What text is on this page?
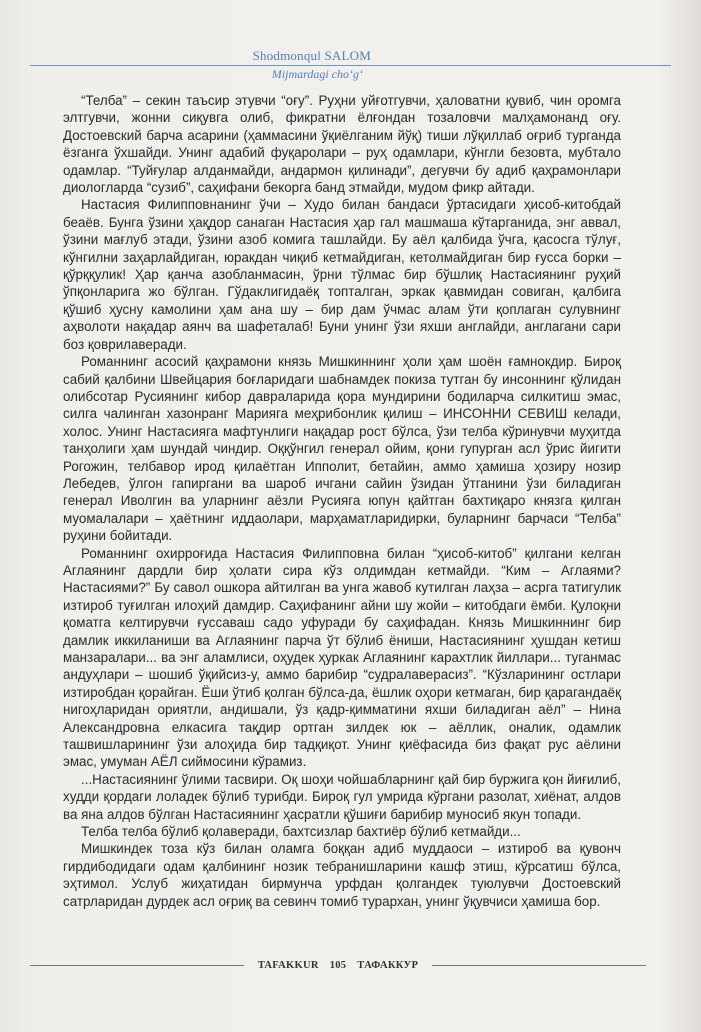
Shodmonqul SALOM
Mijmardagi cho‘g‘

“Телба” – секин таъсир этувчи “оғу”. Руҳни уйғотгувчи, ҳаловатни қувиб, чин оромга элтгувчи, жонни сиқувга олиб, фикратни ёлғондан тозаловчи малҳамонанд оғу. Достоевский барча асарини (ҳаммасини ўқиёлганим йўқ) тиши лўқиллаб оғриб турганда ёзганга ўхшайди. Унинг адабий фуқаролари – руҳ одамлари, кўнгли безовта, мубтало одамлар. “Туйғулар алданмайди, андармон қилинади”, дегувчи бу адиб қаҳрамонлари диологларда “сузиб”, саҳифани бекорга банд этмайди, мудом фикр айтади.

Настасия Филипповнанинг ўчи – Худо билан бандаси ўртасидаги ҳисоб-китобдай беаёв. Бунга ўзини ҳақдор санаган Настасия ҳар гал машмаша кўтарганида, энг аввал, ўзини мағлуб этади, ўзини азоб комига ташлайди. Бу аёл қалбида ўчга, қасосга тўлуғ, кўнгилни заҳарлайдиган, юракдан чиқиб кетмайдиган, кетолмайдиган бир ғусса борки – қўрққулик! Ҳар қанча азобланмасин, ўрни тўлмас бир бўшлиқ Настасиянинг руҳий ўпқонларига жо бўлган. Гўдаклигидаёқ топталган, эркак қавмидан совиган, қалбига қўшиб ҳусну камолини ҳам ана шу – бир дам ўчмас алам ўти қоплаган сулувнинг аҳволоти нақадар аянч ва шафеталаб! Буни унинг ўзи яхши англайди, англагани сари боз қоврилаверади.

Романнинг асосий қаҳрамони князь Мишкиннинг ҳоли ҳам шоён ғамнокдир. Бироқ сабий қалбини Швейцария боғларидаги шабнамдек покиза тутган бу инсоннинг қўлидан олибсотар Русиянинг кибор давраларида қора мундирини бодиларча силкитиш эмас, силга чалинган хазонранг Марияга меҳрибонлик қилиш – ИНСОННИ СЕВИШ келади, холос. Унинг Настасияга мафтунлиги нақадар рост бўлса, ўзи телба кўринувчи муҳитда танҳолиги ҳам шундай чиндир. Оққўнгил генерал ойим, қони гупурган асл ўрис йигити Рогожин, телбавор ирод қилаётган Ипполит, бетайин, аммо ҳамиша ҳозиру нозир Лебедев, ўлгон гапиргани ва шароб ичгани сайин ўзидан ўтганини ўзи биладиган генерал Иволгин ва уларнинг аёзли Русияга юпун қайтган бахтиқаро князга қилган муомалалари – ҳаётнинг иддаолари, марҳаматларидирки, буларнинг барчаси “Телба” руҳини бойитади.

Романнинг охирроғида Настасия Филипповна билан “ҳисоб-китоб” қилгани келган Аглаянинг дардли бир ҳолати сира кўз олдимдан кетмайди. “Ким – Аглаями? Настасиями?” Бу савол ошкора айтилган ва унга жавоб кутилган лаҳза – асрга татигулик изтироб туғилган илоҳий дамдир. Саҳифанинг айни шу жойи – китобдаги ёмби. Қулоқни қоматга келтирувчи ғуссаваш садо уфуради бу саҳифадан. Князь Мишкиннинг бир дамлик иккиланиши ва Аглаянинг парча ўт бўлиб ёниши, Настасиянинг ҳушдан кетиш манзаралари... ва энг аламлиси, оҳудек ҳуркак Аглаянинг карахтлик йиллари... туганмас андуҳлари – шошиб ўқийсиз-у, аммо барибир “судралаверасиз”. “Кўзларининг остлари изтиробдан қорайган. Ёши ўтиб қолган бўлса-да, ёшлик оҳори кетмаган, бир қарагандаёқ нигоҳларидан ориятли, андишали, ўз қадр-қимматини яхши биладиган аёл” – Нина Александровна елкасига тақдир ортган зилдек юк – аёллик, оналик, одамлик ташвишларининг ўзи алоҳида бир тадқиқот. Унинг қиёфасида биз фақат рус аёлини эмас, умуман АЁЛ сиймосини кўрамиз.

...Настасиянинг ўлими тасвири. Оқ шоҳи чойшабларнинг қай бир буржига қон йиғилиб, худди қордаги лоладек бўлиб турибди. Бироқ гул умрида кўргани разолат, хиёнат, алдов ва яна алдов бўлган Настасиянинг ҳасратли қўшиғи барибир муносиб якун топади.

Телба телба бўлиб қолаверади, бахтсизлар бахтиёр бўлиб кетмайди...

Мишкиндек тоза кўз билан оламга боққан адиб муддаоси – изтироб ва қувонч гирдибодидаги одам қалбининг нозик тебранишларини кашф этиш, кўрсатиш бўлса, эҳтимол. Услуб жиҳатидан бирмунча урфдан қолгандек туюлувчи Достоевский сатрларидан дурдек асл оғриқ ва севинч томиб турархан, унинг ўқувчиси ҳамиша бор.

TAFAKKUR 105 ТАФАККУР
